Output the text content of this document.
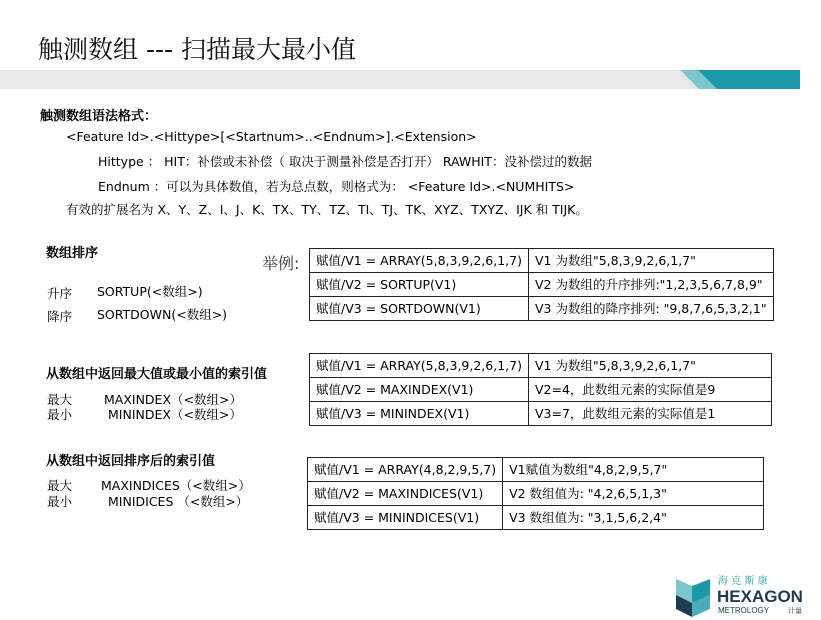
触测数组 --- 扫描最大最小值
触测数组语法格式：
<Feature Id>.<Hittype>[<Startnum>..<Endnum>].<Extension>
Hittype ： HIT：补偿或未补偿（ 取决于测量补偿是否打开） RAWHIT：没补偿过的数据
Endnum ：可以为具体数值，若为总点数，则格式为： <Feature Id>.<NUMHITS>
有效的扩展名为 X、Y、Z、I、J、K、TX、TY、TZ、TI、TJ、TK、XYZ、TXYZ、IJK 和 TIJK。
数组排序
升序 SORTUP(<数组>)
降序 SORTDOWN(<数组>)
举例: 赋值/V1 = ARRAY(5,8,3,9,2,6,1,7)	V1 为数组"5,8,3,9,2,6,1,7"
赋值/V2 = SORTUP(V1)	V2 为数组的升序排列:"1,2,3,5,6,7,8,9"
赋值/V3 = SORTDOWN(V1)	V3 为数组的降序排列: "9,8,7,6,5,3,2,1"
从数组中返回最大值或最小值的索引值
最大	MAXINDEX（<数组>）
最小	MININDEX（<数组>）
赋值/V1 = ARRAY(5,8,3,9,2,6,1,7)	V1 为数组"5,8,3,9,2,6,1,7"
赋值/V2 = MAXINDEX(V1)	V2=4，此数组元素的实际值是9
赋值/V3 = MININDEX(V1)	V3=7，此数组元素的实际值是1
从数组中返回排序后的索引值
最大 MAXINDICES（<数组>）
最小	MINIDICES （<数组>）
赋值/V1 = ARRAY(4,8,2,9,5,7)	V1赋值为数组"4,8,2,9,5,7"
赋值/V2 = MAXINDICES(V1)	V2 数组值为: "4,2,6,5,1,3"
赋值/V3 = MININDICES(V1)	V3 数组值为: "3,1,5,6,2,4"
海 克 斯 康
HEXAGON
METROLOGY	计量
